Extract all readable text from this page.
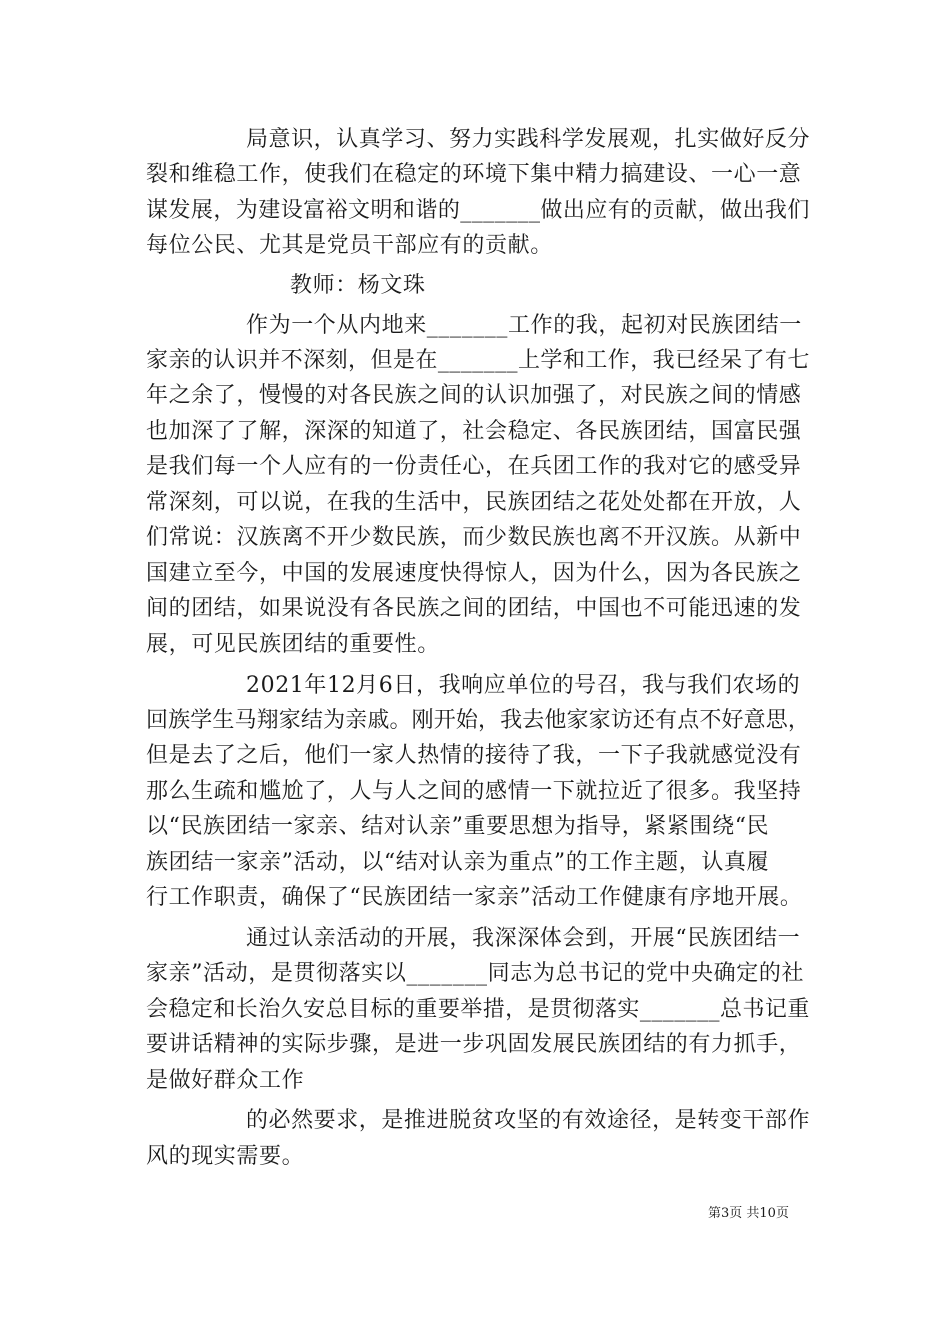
局意识，认真学习、努力实践科学发展观，扎实做好反分
裂和维稳工作，使我们在稳定的环境下集中精力搞建设、一心一意
谋发展，为建设富裕文明和谐的_______做出应有的贡献，做出我们
每位公民、尤其是党员干部应有的贡献。
教师：杨文珠
作为一个从内地来_______工作的我，起初对民族团结一
家亲的认识并不深刻，但是在_______上学和工作，我已经呆了有七
年之余了，慢慢的对各民族之间的认识加强了，对民族之间的情感
也加深了了解，深深的知道了，社会稳定、各民族团结，国富民强
是我们每一个人应有的一份责任心，在兵团工作的我对它的感受异
常深刻，可以说，在我的生活中，民族团结之花处处都在开放，人
们常说：汉族离不开少数民族，而少数民族也离不开汉族。从新中
国建立至今，中国的发展速度快得惊人，因为什么，因为各民族之
间的团结，如果说没有各民族之间的团结，中国也不可能迅速的发
展，可见民族团结的重要性。
2021年12月6日，我响应单位的号召，我与我们农场的
回族学生马翔家结为亲戚。刚开始，我去他家家访还有点不好意思，
但是去了之后，他们一家人热情的接待了我，一下子我就感觉没有
那么生疏和尴尬了，人与人之间的感情一下就拉近了很多。我坚持
以“民族团结一家亲、结对认亲”重要思想为指导，紧紧围绕“民
族团结一家亲”活动，以“结对认亲为重点”的工作主题，认真履
行工作职责，确保了“民族团结一家亲”活动工作健康有序地开展。
通过认亲活动的开展，我深深体会到，开展“民族团结一
家亲”活动，是贯彻落实以_______同志为总书记的党中央确定的社
会稳定和长治久安总目标的重要举措，是贯彻落实_______总书记重
要讲话精神的实际步骤，是进一步巩固发展民族团结的有力抓手，
是做好群众工作
的必然要求，是推进脱贫攻坚的有效途径，是转变干部作
风的现实需要。
第3页 共10页
